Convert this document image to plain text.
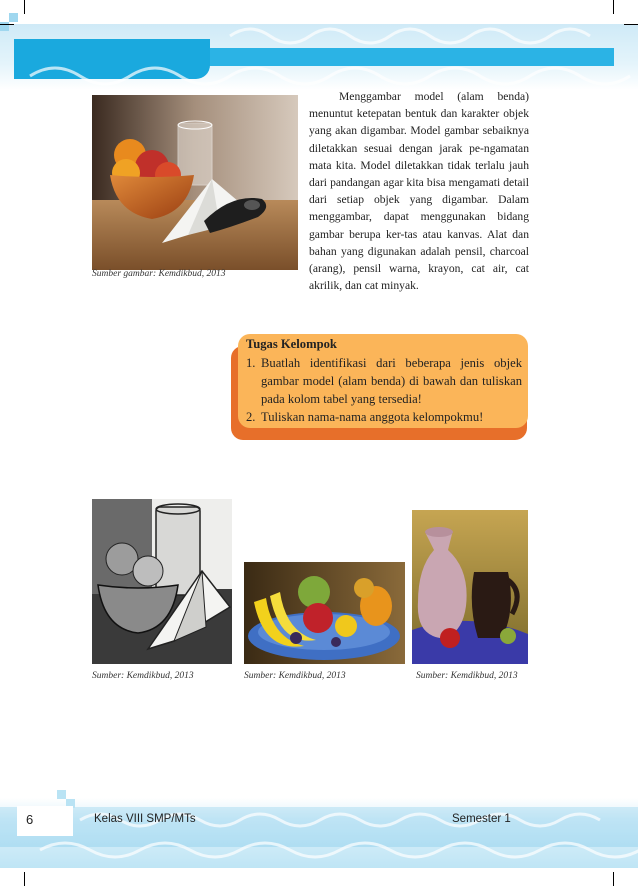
Sumber gambar: Kemdikbud, 2013
Menggambar model (alam benda) menuntut ketepatan bentuk dan karakter objek yang akan digambar. Model gambar sebaiknya diletakkan sesuai dengan jarak pe-ngamatan mata kita. Model diletakkan tidak terlalu jauh dari pandangan agar kita bisa mengamati detail dari setiap objek yang digambar. Dalam menggambar, dapat menggunakan bidang gambar berupa ker-tas atau kanvas. Alat dan bahan yang digunakan adalah pensil, charcoal (arang), pensil warna, krayon, cat air, cat akrilik, dan cat minyak.
Tugas Kelompok
1. Buatlah identifikasi dari beberapa jenis objek gambar model (alam benda) di bawah dan tuliskan pada kolom tabel yang tersedia!
2. Tuliskan nama-nama anggota kelompokmu!
Sumber: Kemdikbud, 2013	Sumber: Kemdikbud, 2013	Sumber: Kemdikbud, 2013
6	Kelas VIII SMP/MTs	Semester 1
